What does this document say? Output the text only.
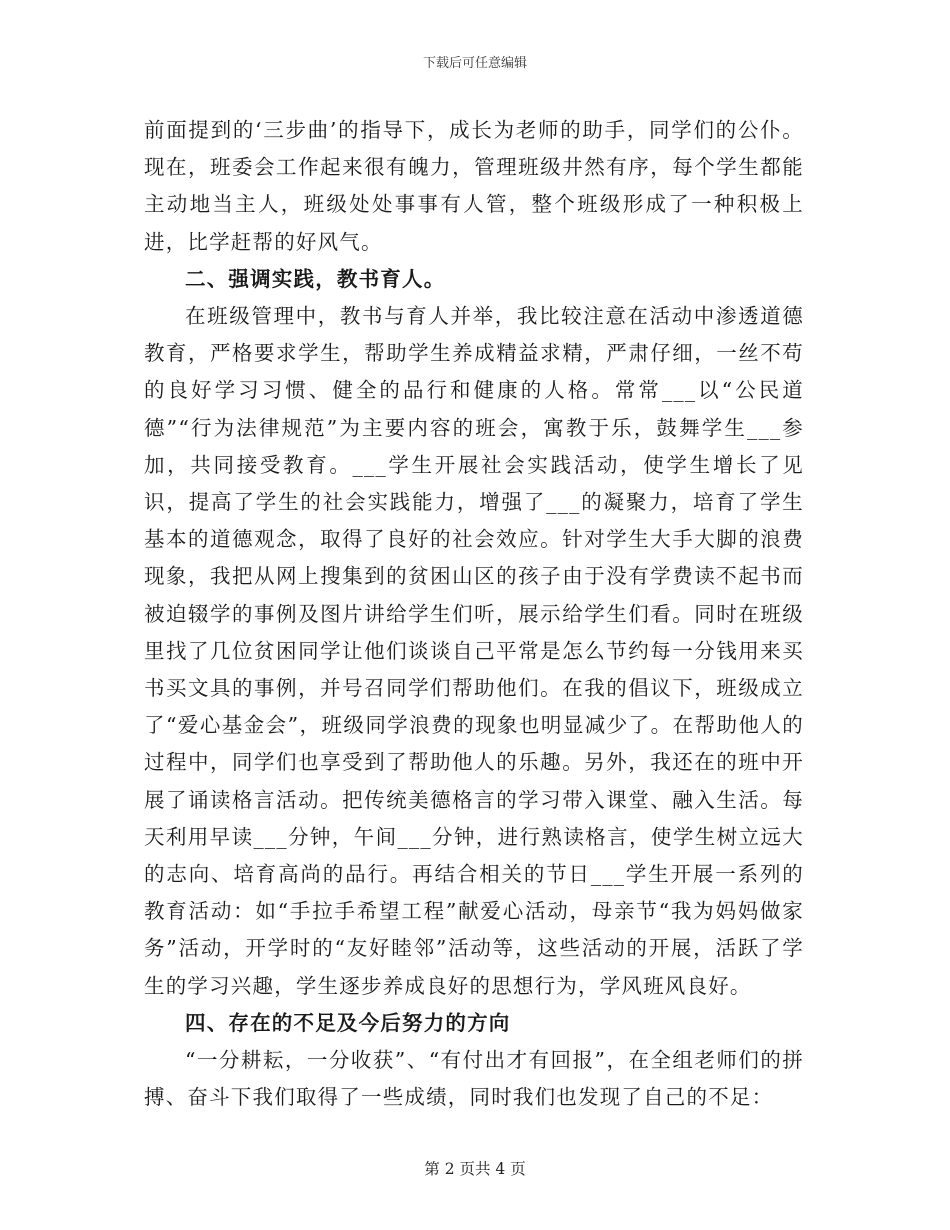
下载后可任意编辑

前面提到的‘三步曲’的指导下，成长为老师的助手，同学们的公仆。现在，班委会工作起来很有魄力，管理班级井然有序，每个学生都能主动地当主人，班级处处事事有人管，整个班级形成了一种积极上进，比学赶帮的好风气。

二、强调实践，教书育人。

在班级管理中，教书与育人并举，我比较注意在活动中渗透道德教育，严格要求学生，帮助学生养成精益求精，严肃仔细，一丝不苟的良好学习习惯、健全的品行和健康的人格。常常___以“公民道德”“行为法律规范”为主要内容的班会，寓教于乐，鼓舞学生___参加，共同接受教育。___学生开展社会实践活动，使学生增长了见识，提高了学生的社会实践能力，增强了___的凝聚力，培育了学生基本的道德观念，取得了良好的社会效应。针对学生大手大脚的浪费现象，我把从网上搜集到的贫困山区的孩子由于没有学费读不起书而被迫辍学的事例及图片讲给学生们听，展示给学生们看。同时在班级里找了几位贫困同学让他们谈谈自己平常是怎么节约每一分钱用来买书买文具的事例，并号召同学们帮助他们。在我的倡议下，班级成立了“爱心基金会”，班级同学浪费的现象也明显减少了。在帮助他人的过程中，同学们也享受到了帮助他人的乐趣。另外，我还在的班中开展了诵读格言活动。把传统美德格言的学习带入课堂、融入生活。每天利用早读___分钟，午间___分钟，进行熟读格言，使学生树立远大的志向、培育高尚的品行。再结合相关的节日___学生开展一系列的教育活动：如“手拉手希望工程”献爱心活动，母亲节“我为妈妈做家务”活动，开学时的“友好睦邻”活动等，这些活动的开展，活跃了学生的学习兴趣，学生逐步养成良好的思想行为，学风班风良好。

四、存在的不足及今后努力的方向

“一分耕耘，一分收获”、“有付出才有回报”，在全组老师们的拼搏、奋斗下我们取得了一些成绩，同时我们也发现了自己的不足：

第 2 页共 4 页
